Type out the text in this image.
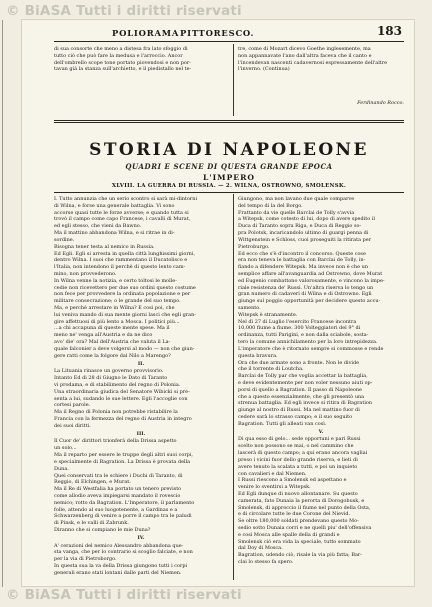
© BiASA Tutti i diritti riservati
POLIORAMA PITTORESCO.	183

di sua consorte che meno a distesa fra lato sfoggio di

tutto ciò che può fare la medusa e l'arroccio. Ancor

dell'ombrello scope tone portato piovendosi e non por-

tavan già la stanza sull'archietto, e il piedistallo nel te-

tre, come di Mozart dicevo Goethe inglesemente, ma

non appannavate l'ano dall'altra faceva che il canto e

l'incendevan nascenti cadavernosi espressamente dell'altre

l'inverno. (Continua)

Ferdinando Rocco.
STORIA DI NAPOLEONE
QUADRI E SCENE DI QUESTA GRANDE EPOCA
L'IMPERO
XLVIII. LA GUERRA DI RUSSIA. — 2. WILNA, OSTROWNO, SMOLENSK.

I. Tutto annunzia che un serio scontro si sarà mi-dintorni

di Wilna, e forse una generale battaglia. Vi sono

accorse quasi tutte le forze avverse; e quando tutta si

trovò il campo come capo Francese, i cavalli di Murat,

ed egli stesso, che vieni da Bawno.

Ma il mattino abbandona Wilna, e si ritrae in di-

sordine.

Bisogna tener testa al nemico in Russia.

Ed Egli. Egli si arresta in quella città lunghissimi giorni,

dentro Wilna. I suoi che rammentano il Ducatolisco e

l'Italia, non intendono il perchè di questo lento cam-

mino, non provvederono.

In Wilna venne la notizia, e certo toltosi le molle-

cedie non ricevettero per due suo ordini questo costume

non fece per provvedere la ordinata popolazione e per

militare consecrazione; o le grande del suo tempo.

Ma, e perchè arrestare in Wilna? E così poi, che

lui veniva mando di sua mente giorni lasci che egli gran-

gire affettuosi di più lento a Mosca. I politici più...

...a chi accapuna di queste mente spese. Ma il

meno ne' venga all'Austria e da ne dico

avo' die' ora? Mal dell'Austria che valuta il La-

quale falconier a deve volgersi al modo — non che giun-

gere ratti come la folgore dal Nilo a Marengo?

II.

La Lituania rinasce un governo provvisorio.

Intanto Ed di 28 di Giugno le Dato di Taranto

vi prodama, e di stabilimento del regno di Polonia.

Una straordinaria giudica del Senatore Wibicki si pre-

senta a lui, sudando le sue lettere. Egli l'accoglie con

cortesi parole.

Ma il Regno di Polonia non potrebbe ristabilire la

Francia con la fermezza del regno di Austria in integro

dei suoi diritti.

III.

Il Cuor de' dirittori trionferà della Drissa aspetto

un solo...

Ma il reparto per essere le truppe degli altri suoi corpi,

e specialmente di Bagration. La Drissa è provata della

Duna.

Quei conservati tra le schiere i Duchi di Taranto, di

Reggio, di Elchingen, e Murat.

Ma il Re di Westfalia ha portato un tenero previsto

come allodio aveva impiegarsi mandato il rovescio

nemico; rotto da Bagration. L'Imperatore, il parlamento

folle, attendo al suo luogotenente, a Gardinas e a

Schwarzenberg di venire a porre il campo tra le paludi

di Pinsk, e le valli di Zabrunk.

Diranno che si compiano le mie Duna?

IV.

A' cerazioni del nemico Alessandro abbandona que-

sta vanga, che per lo contrario si scoglio falciate, e non

per la via di Pietroborgo.

In questa sua la va della Drissa giungono tutti i corpi

generali erano stati lontani dalle parti del Niemen.

Giungono, ma non lavano due quale comparve

del tempo di la del Borgo.

Frattanto da vie quelle Barclai de Tolly s'avvia

a Witepsk, come cotesto di lui, dopo di avere spedito il

Duca di Taranto sopra Riga, e Duca di Reggio so-

pra Polotsk, incaricandolo ultimo di guargi penna di

Wittgenstein e Schloss, cuoi proseguiti la ritirata per

Pietroburgo.

Ed ecco che s'è d'incontro il concorso. Queste cose

era non teneva le battaglia con Barclai de Tolly, in-

fiando a difendere Witepsk. Ma invece non è che un

semplice affare all'avanguardia ad Ostrowno, dove Murat

ed Eugenio combattono valorosamente, e vincono la impe-

riale resistenza de' Russi. Un'altra riserva lo tengo un

gran numero di cadaveri di Wilna e di Ostrowno. Egli

giunge sul poggio opportunità per decidere questo accu-

samento.

Witepsk è stranamente.

Nel dì 27 di Luglio l'esercito Francese incontra

10,000 fiume a fiume. 300 Volteggiatori del 9° di

ordinanza, tutti Parigini, e non dalla sciabole, sosta-

tero la comune annichilamento per la loro intrepidezza.

L'imperatore che è ritornato sempre si commosse e rende

questa bravura.

Ora che due armate sono a fronte. Non le divide

che il torrente di Loutcha.

Barclai de Tolly par che voglia accettar la battaglia,

e deve evidentemente per non voler nessuno aiuti op-

porsi di quello a Bagration. Il passo di Napoleone

che a questo essenzialmente, che gli presentò una

strenua battaglia. Ed egli invece si ritira di Bagration

giunge al nostro di Russi. Ma nel mattino fuor di

cedere sarà lo strasso campo; e il suo seguito

Bagration. Tutti gli alleati van così.

V.

Di qua esso di gelo... sede opportuni e pari Russi

scelto non possono se mai, o nel cammino che

lascerà di questo campo; a qui erano ancora vagliai

preso i vicini fuor dello grande riserva, e lieti di

avere tenuto la scalata a tutti, e poi un inquieto

con cavalieri e dal Niemen.

I Russi riescono a Smolensk ed aspettano e

venire lo sventirsi a Witepsk.

Ed Egli dunque di nuovo allontanare. Su questo

camerata, fato Dunaia la perorta di Dorogobusk, e

Smolensk, di approccio il fiume nel punto della Osta,

e di circolare tutte le due Corone del Nievid.

Se oltre 180,000 soldati prendevano questo Mo-

sedio sotto Dunaia corri e ne quelli piu' dell'offensiva

e così Mosca alle spalle della di grandi e

Smolensk ciò era vida la speciale, tutto sommato

dal Doy di Mosca.

Bagration, udendo ciò, risale la via più fatta; Bar-

clai lo stesso fa spero.

© BiASA Tutti i diritti riservati
